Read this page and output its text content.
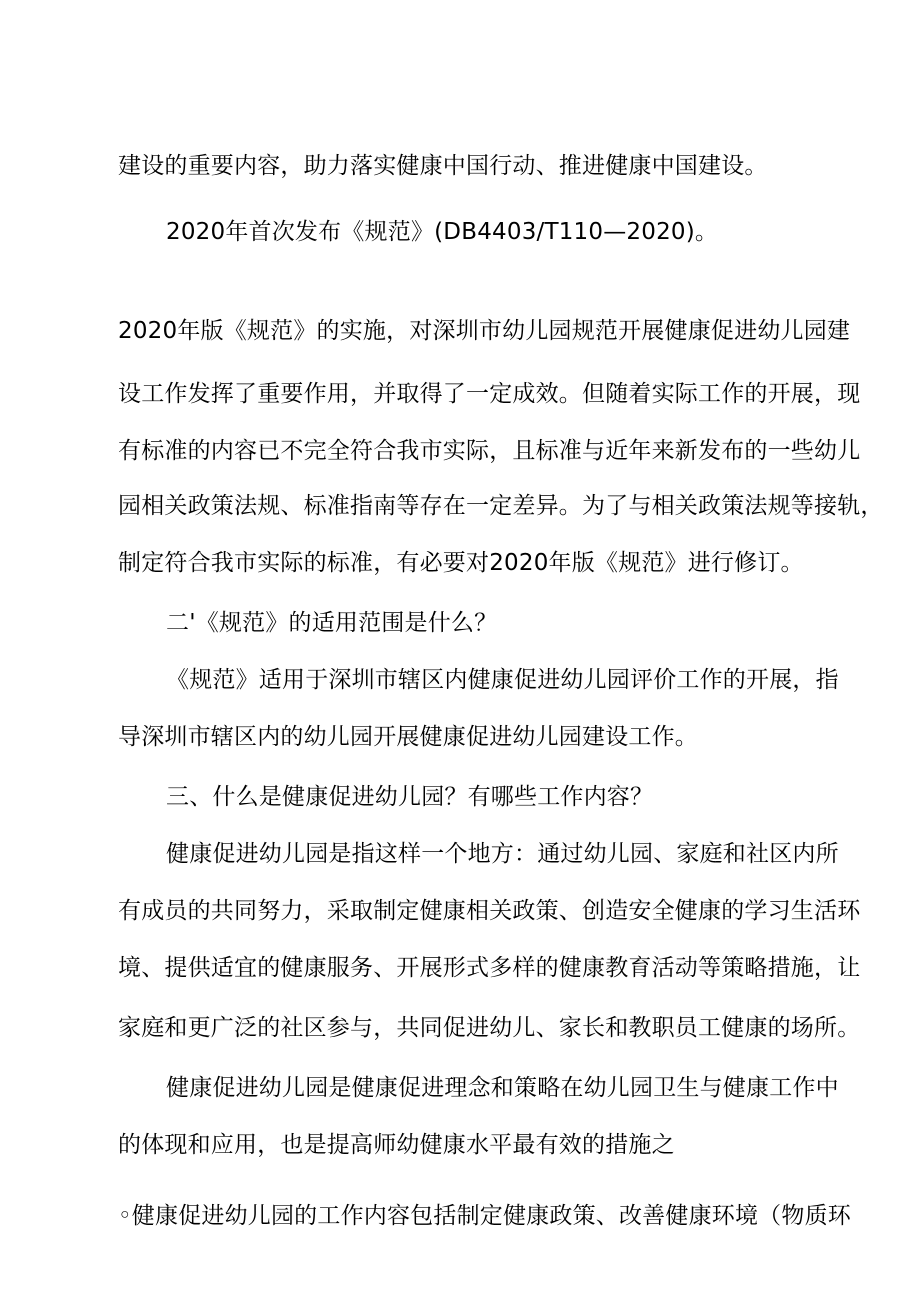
建设的重要内容，助力落实健康中国行动、推进健康中国建设。
2020年首次发布《规范》(DB4403/T110—2020)。
2020年版《规范》的实施，对深圳市幼儿园规范开展健康促进幼儿园建
设工作发挥了重要作用，并取得了一定成效。但随着实际工作的开展，现
有标准的内容已不完全符合我市实际，且标准与近年来新发布的一些幼儿
园相关政策法规、标准指南等存在一定差异。为了与相关政策法规等接轨，
制定符合我市实际的标准，有必要对2020年版《规范》进行修订。
二'《规范》的适用范围是什么？
《规范》适用于深圳市辖区内健康促进幼儿园评价工作的开展，指
导深圳市辖区内的幼儿园开展健康促进幼儿园建设工作。
三、什么是健康促进幼儿园？有哪些工作内容？
健康促进幼儿园是指这样一个地方：通过幼儿园、家庭和社区内所
有成员的共同努力，采取制定健康相关政策、创造安全健康的学习生活环
境、提供适宜的健康服务、开展形式多样的健康教育活动等策略措施，让
家庭和更广泛的社区参与，共同促进幼儿、家长和教职员工健康的场所。
健康促进幼儿园是健康促进理念和策略在幼儿园卫生与健康工作中
的体现和应用，也是提高师幼健康水平最有效的措施之
◦健康促进幼儿园的工作内容包括制定健康政策、改善健康环境（物质环
